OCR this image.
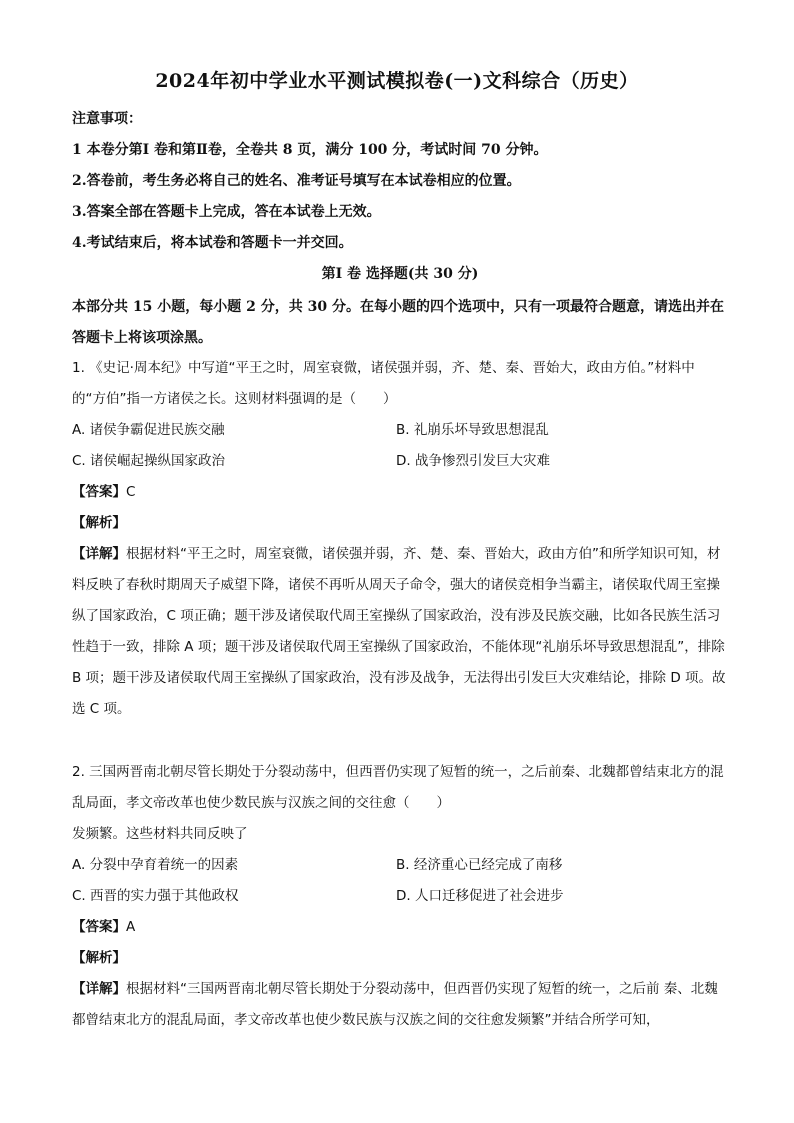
2024年初中学业水平测试模拟卷(一)文科综合（历史）
注意事项：
1 本卷分第Ⅰ 卷和第Ⅱ卷，全卷共 8 页，满分 100 分，考试时间 70 分钟。
2.答卷前，考生务必将自己的姓名、准考证号填写在本试卷相应的位置。
3.答案全部在答题卡上完成，答在本试卷上无效。
4.考试结束后，将本试卷和答题卡一并交回。
第Ⅰ 卷 选择题(共 30 分)
本部分共 15 小题，每小题 2 分，共 30 分。在每小题的四个选项中，只有一项最符合题意，请选出并在答题卡上将该项涂黑。
1. 《史记·周本纪》中写道“平王之时，周室衰微，诸侯强并弱，齐、楚、秦、晋始大，政由方伯。”材料中的“方伯”指一方诸侯之长。这则材料强调的是（　　）
A. 诸侯争霸促进民族交融	B. 礼崩乐坏导致思想混乱
C. 诸侯崛起操纵国家政治	D. 战争惨烈引发巨大灾难
【答案】C
【解析】
【详解】根据材料“平王之时，周室衰微，诸侯强并弱，齐、楚、秦、晋始大，政由方伯”和所学知识可知，材料反映了春秋时期周天子威望下降，诸侯不再听从周天子命令，强大的诸侯竞相争当霸主，诸侯取代周王室操纵了国家政治，C 项正确；题干涉及诸侯取代周王室操纵了国家政治，没有涉及民族交融，比如各民族生活习性趋于一致，排除 A 项；题干涉及诸侯取代周王室操纵了国家政治，不能体现“礼崩乐坏导致思想混乱”，排除 B 项；题干涉及诸侯取代周王室操纵了国家政治，没有涉及战争，无法得出引发巨大灾难结论，排除 D 项。故选 C 项。
2. 三国两晋南北朝尽管长期处于分裂动荡中，但西晋仍实现了短暂的统一，之后前秦、北魏都曾结束北方的混乱局面，孝文帝改革也使少数民族与汉族之间的交往愈（　　）
发频繁。这些材料共同反映了
A. 分裂中孕育着统一的因素	B. 经济重心已经完成了南移
C. 西晋的实力强于其他政权	D. 人口迁移促进了社会进步
【答案】A
【解析】
【详解】根据材料“三国两晋南北朝尽管长期处于分裂动荡中，但西晋仍实现了短暂的统一，之后前 秦、北魏都曾结束北方的混乱局面，孝文帝改革也使少数民族与汉族之间的交往愈发频繁”并结合所学可知，
